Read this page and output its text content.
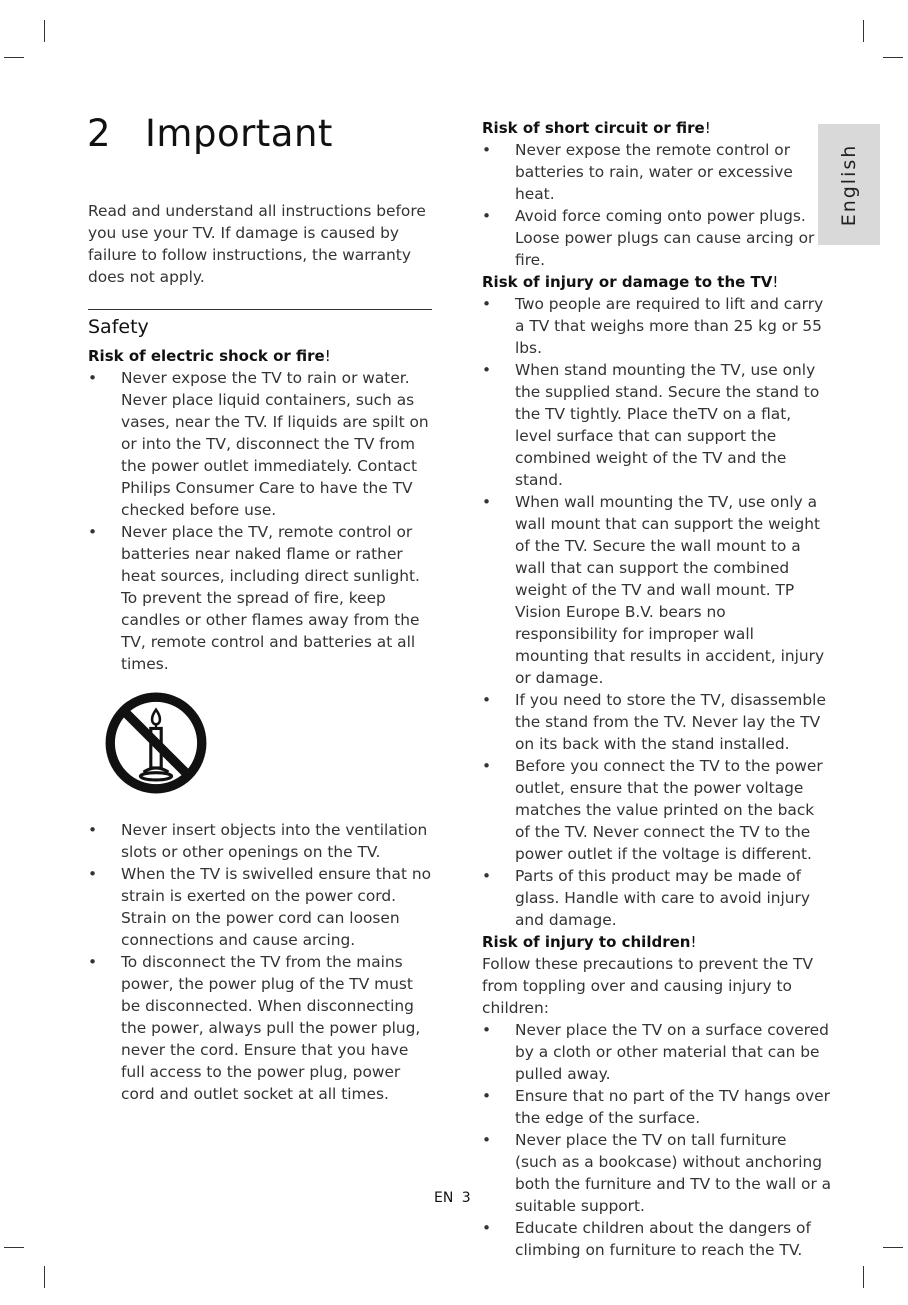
2 Important
English

Read and understand all instructions before you use your TV. If damage is caused by failure to follow instructions, the warranty does not apply.

Safety
Risk of electric shock or fire!
• Never expose the TV to rain or water. Never place liquid containers, such as vases, near the TV. If liquids are spilt on or into the TV, disconnect the TV from the power outlet immediately. Contact Philips Consumer Care to have the TV checked before use.
• Never place the TV, remote control or batteries near naked flame or rather heat sources, including direct sunlight.

To prevent the spread of fire, keep candles or other flames away from the TV, remote control and batteries at all times.

• Never insert objects into the ventilation slots or other openings on the TV.
• When the TV is swivelled ensure that no strain is exerted on the power cord. Strain on the power cord can loosen connections and cause arcing.
• To disconnect the TV from the mains power, the power plug of the TV must be disconnected. When disconnecting the power, always pull the power plug, never the cord. Ensure that you have full access to the power plug, power cord and outlet socket at all times.
Risk of short circuit or fire!
• Never expose the remote control or batteries to rain, water or excessive heat.
• Avoid force coming onto power plugs. Loose power plugs can cause arcing or fire.
Risk of injury or damage to the TV!
• Two people are required to lift and carry a TV that weighs more than 25 kg or 55 lbs.
• When stand mounting the TV, use only the supplied stand. Secure the stand to the TV tightly. Place theTV on a flat, level surface that can support the combined weight of the TV and the stand.
• When wall mounting the TV, use only a wall mount that can support the weight of the TV. Secure the wall mount to a wall that can support the combined weight of the TV and wall mount. TP Vision Europe B.V. bears no responsibility for improper wall mounting that results in accident, injury or damage.
• If you need to store the TV, disassemble the stand from the TV. Never lay the TV on its back with the stand installed.
• Before you connect the TV to the power outlet, ensure that the power voltage matches the value printed on the back of the TV. Never connect the TV to the power outlet if the voltage is different.
• Parts of this product may be made of glass. Handle with care to avoid injury and damage.
Risk of injury to children!

Follow these precautions to prevent the TV from toppling over and causing injury to children:

• Never place the TV on a surface covered by a cloth or other material that can be pulled away.
• Ensure that no part of the TV hangs over the edge of the surface.
• Never place the TV on tall furniture (such as a bookcase) without anchoring both the furniture and TV to the wall or a suitable support.
• Educate children about the dangers of climbing on furniture to reach the TV.
EN 3
